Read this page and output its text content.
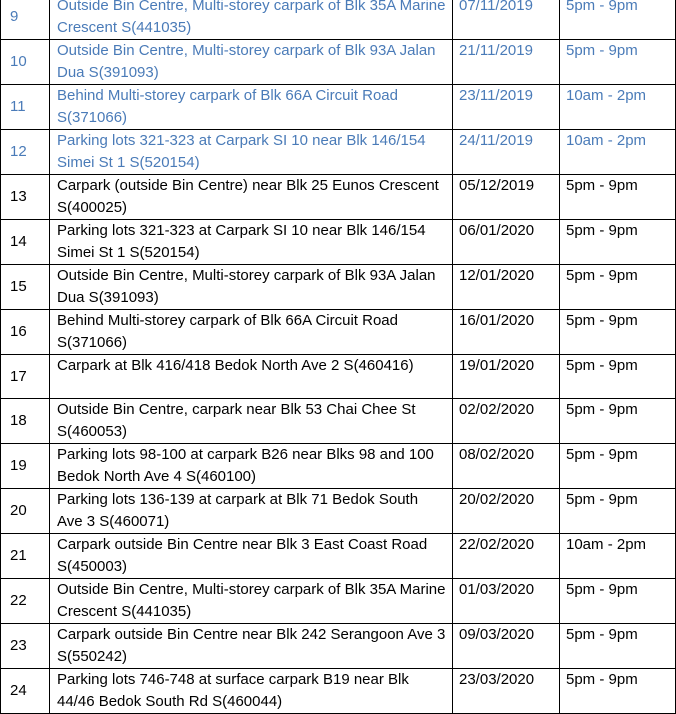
9	Outside Bin Centre, Multi-storey carpark of Blk 35A Marine Crescent S(441035)	07/11/2019	5pm - 9pm
10	Outside Bin Centre, Multi-storey carpark of Blk 93A Jalan Dua S(391093)	21/11/2019	5pm - 9pm
11	Behind Multi-storey carpark of Blk 66A Circuit Road S(371066)	23/11/2019	10am - 2pm
12	Parking lots 321-323 at Carpark SI 10 near Blk 146/154 Simei St 1 S(520154)	24/11/2019	10am - 2pm
13	Carpark (outside Bin Centre) near Blk 25 Eunos Crescent S(400025)	05/12/2019	5pm - 9pm
14	Parking lots 321-323 at Carpark SI 10 near Blk 146/154 Simei St 1 S(520154)	06/01/2020	5pm - 9pm
15	Outside Bin Centre, Multi-storey carpark of Blk 93A Jalan Dua S(391093)	12/01/2020	5pm - 9pm
16	Behind Multi-storey carpark of Blk 66A Circuit Road S(371066)	16/01/2020	5pm - 9pm
17	Carpark at Blk 416/418 Bedok North Ave 2 S(460416)	19/01/2020	5pm - 9pm
18	Outside Bin Centre, carpark near Blk 53 Chai Chee St S(460053)	02/02/2020	5pm - 9pm
19	Parking lots 98-100 at carpark B26 near Blks 98 and 100 Bedok North Ave 4 S(460100)	08/02/2020	5pm - 9pm
20	Parking lots 136-139 at carpark at Blk 71 Bedok South Ave 3 S(460071)	20/02/2020	5pm - 9pm
21	Carpark outside Bin Centre near Blk 3 East Coast Road S(450003)	22/02/2020	10am - 2pm
22	Outside Bin Centre, Multi-storey carpark of Blk 35A Marine Crescent S(441035)	01/03/2020	5pm - 9pm
23	Carpark outside Bin Centre near Blk 242 Serangoon Ave 3 S(550242)	09/03/2020	5pm - 9pm
24	Parking lots 746-748 at surface carpark B19 near Blk 44/46 Bedok South Rd S(460044)	23/03/2020	5pm - 9pm
